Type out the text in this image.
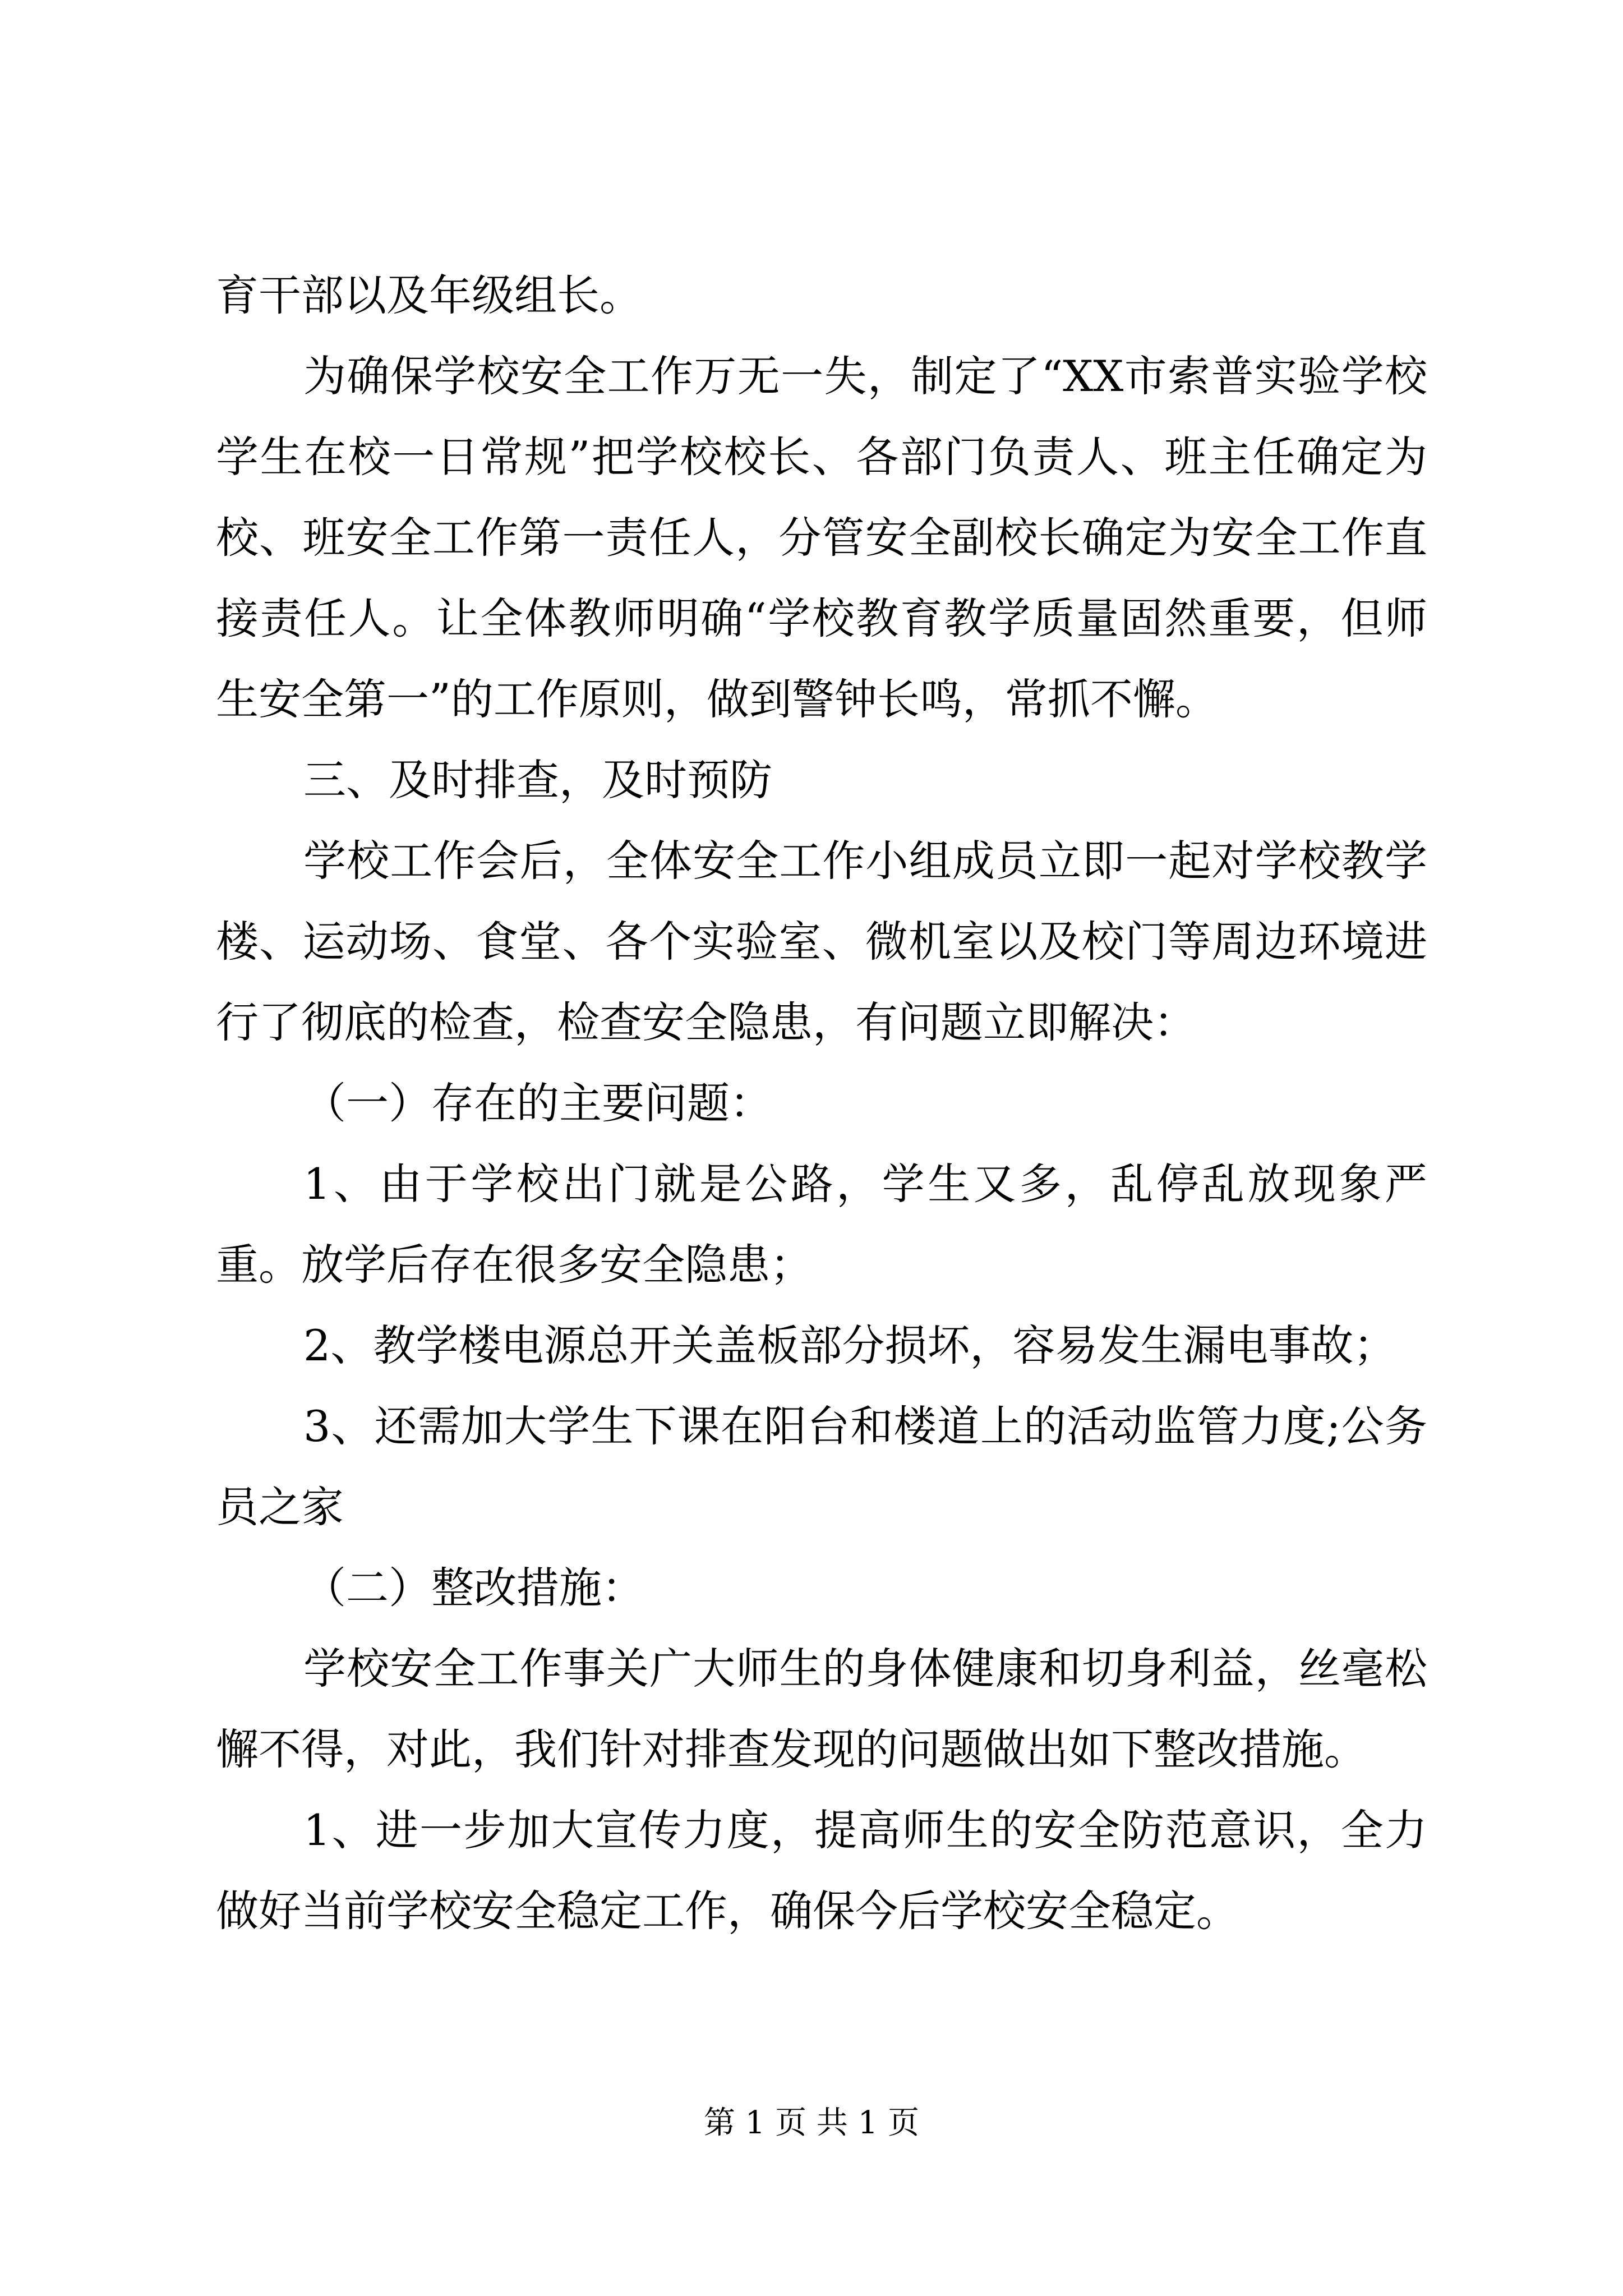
育干部以及年级组长。

为确保学校安全工作万无一失，制定了“XX市索普实验学校学生在校一日常规”把学校校长、各部门负责人、班主任确定为校、班安全工作第一责任人，分管安全副校长确定为安全工作直接责任人。让全体教师明确“学校教育教学质量固然重要，但师生安全第一”的工作原则，做到警钟长鸣，常抓不懈。

三、及时排查，及时预防

学校工作会后，全体安全工作小组成员立即一起对学校教学楼、运动场、食堂、各个实验室、微机室以及校门等周边环境进行了彻底的检查，检查安全隐患，有问题立即解决：

（一）存在的主要问题：

1、由于学校出门就是公路，学生又多，乱停乱放现象严重。放学后存在很多安全隐患；

2、教学楼电源总开关盖板部分损坏，容易发生漏电事故；

3、还需加大学生下课在阳台和楼道上的活动监管力度;公务员之家

（二）整改措施：

学校安全工作事关广大师生的身体健康和切身利益，丝毫松懈不得，对此，我们针对排查发现的问题做出如下整改措施。

1、进一步加大宣传力度，提高师生的安全防范意识，全力做好当前学校安全稳定工作，确保今后学校安全稳定。

第 1 页 共 1 页
